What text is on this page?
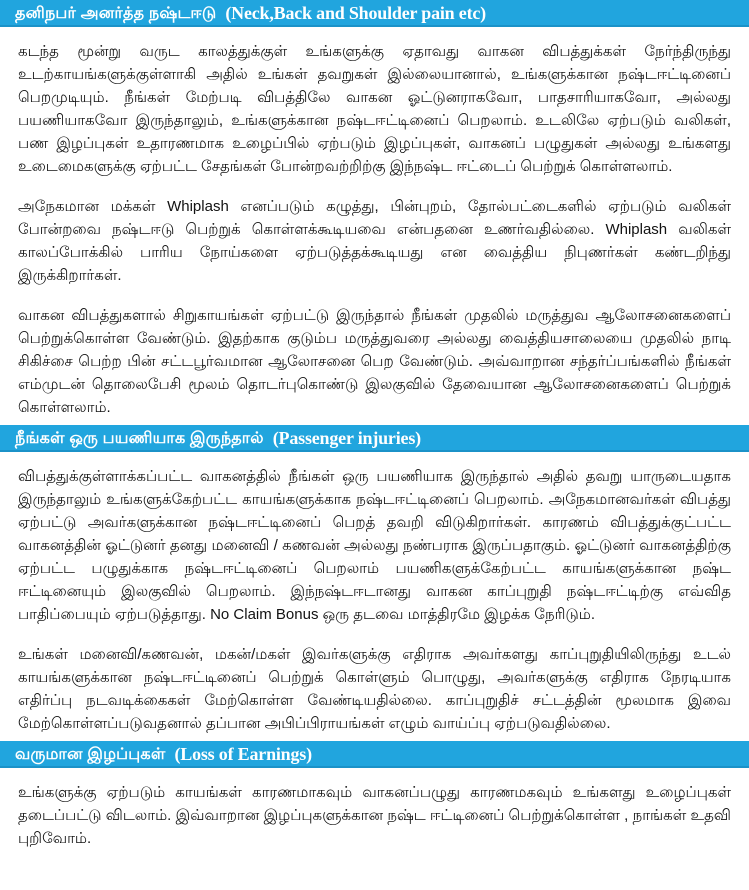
தனிநபர் அனர்த்த நஷ்டஈடு (Neck,Back and Shoulder pain etc)

கடந்த மூன்று வருட காலத்துக்குள் உங்களுக்கு ஏதாவது வாகன விபத்துக்கள் நேர்ந்திருந்து உடற்காயங்களுக்குள்ளாகி அதில் உங்கள் தவறுகள் இல்லையானால், உங்களுக்கான நஷ்டஈட்டினைப் பெறமுடியும். நீங்கள் மேற்படி விபத்திலே வாகன ஓட்டுனராகவோ, பாதசாரியாகவோ, அல்லது பயணியாகவோ இருந்தாலும், உங்களுக்கான நஷ்டஈட்டினைப் பெறலாம். உடலிலே ஏற்படும் வலிகள், பண இழப்புகள் உதாரணமாக உழைப்பில் ஏற்படும் இழப்புகள், வாகனப் பழுதுகள் அல்லது உங்களது உடைமைகளுக்கு ஏற்பட்ட சேதங்கள் போன்றவற்றிற்கு இந்நஷ்ட ஈட்டைப் பெற்றுக் கொள்ளலாம்.

அநேகமான மக்கள் Whiplash எனப்படும் கழுத்து, பின்புறம், தோல்பட்டைகளில் ஏற்படும் வலிகள் போன்றவை நஷ்டஈடு பெற்றுக் கொள்ளக்கூடியவை என்பதனை உணர்வதில்லை. Whiplash வலிகள் காலப்போக்கில் பாரிய நோய்களை ஏற்படுத்தக்கூடியது என வைத்திய நிபுணர்கள் கண்டறிந்து இருக்கிறார்கள்.

வாகன விபத்துகளால் சிறுகாயங்கள் ஏற்பட்டு இருந்தால் நீங்கள் முதலில் மருத்துவ ஆலோசனைகளைப் பெற்றுக்கொள்ள வேண்டும். இதற்காக குடும்ப மருத்துவரை அல்லது வைத்தியசாலையை முதலில் நாடி சிகிச்சை பெற்ற பின் சட்டபூர்வமான ஆலோசனை பெற வேண்டும். அவ்வாறான சந்தர்ப்பங்களில் நீங்கள் எம்முடன் தொலைபேசி மூலம் தொடர்புகொண்டு இலகுவில் தேவையான ஆலோசனைகளைப் பெற்றுக் கொள்ளலாம்.

நீங்கள் ஒரு பயணியாக இருந்தால் (Passenger injuries)

விபத்துக்குள்ளாக்கப்பட்ட வாகனத்தில் நீங்கள் ஒரு பயணியாக இருந்தால் அதில் தவறு யாருடையதாக இருந்தாலும் உங்களுக்கேற்பட்ட காயங்களுக்காக நஷ்டஈட்டினைப் பெறலாம். அநேகமானவர்கள் விபத்து ஏற்பட்டு அவர்களுக்கான நஷ்டஈட்டினைப் பெறத் தவறி விடுகிறார்கள். காரணம் விபத்துக்குட்பட்ட வாகனத்தின் ஓட்டுனர் தனது மனைவி / கணவன் அல்லது நண்பராக இருப்பதாகும். ஓட்டுனர் வாகனத்திற்கு ஏற்பட்ட பழுதுக்காக நஷ்டஈட்டினைப் பெறலாம் பயணிகளுக்கேற்பட்ட காயங்களுக்கான நஷ்ட ஈட்டினையும் இலகுவில் பெறலாம். இந்நஷ்டஈடானது வாகன காப்புறுதி நஷ்டஈட்டிற்கு எவ்வித பாதிப்பையும் ஏற்படுத்தாது. No Claim Bonus ஒரு தடவை மாத்திரமே இழக்க நேரிடும்.

உங்கள் மனைவி/கணவன், மகன்/மகள் இவர்களுக்கு எதிராக அவர்களது காப்புறுதியிலிருந்து உடல் காயங்களுக்கான நஷ்டஈட்டினைப் பெற்றுக் கொள்ளும் பொழுது, அவர்களுக்கு எதிராக நேரடியாக எதிர்ப்பு நடவடிக்கைகள் மேற்கொள்ள வேண்டியதில்லை. காப்புறுதிச் சட்டத்தின் மூலமாக இவை மேற்கொள்ளப்படுவதனால் தப்பான அபிப்பிராயங்கள் எழும் வாய்ப்பு ஏற்படுவதில்லை.

வருமான இழப்புகள் (Loss of Earnings)

உங்களுக்கு ஏற்படும் காயங்கள் காரணமாகவும் வாகனப்பழுது காரணமகவும் உங்களது உழைப்புகள் தடைப்பட்டு விடலாம். இவ்வாறான இழப்புகளுக்கான நஷ்ட ஈட்டினைப் பெற்றுக்கொள்ள , நாங்கள் உதவி புறிவோம்.
